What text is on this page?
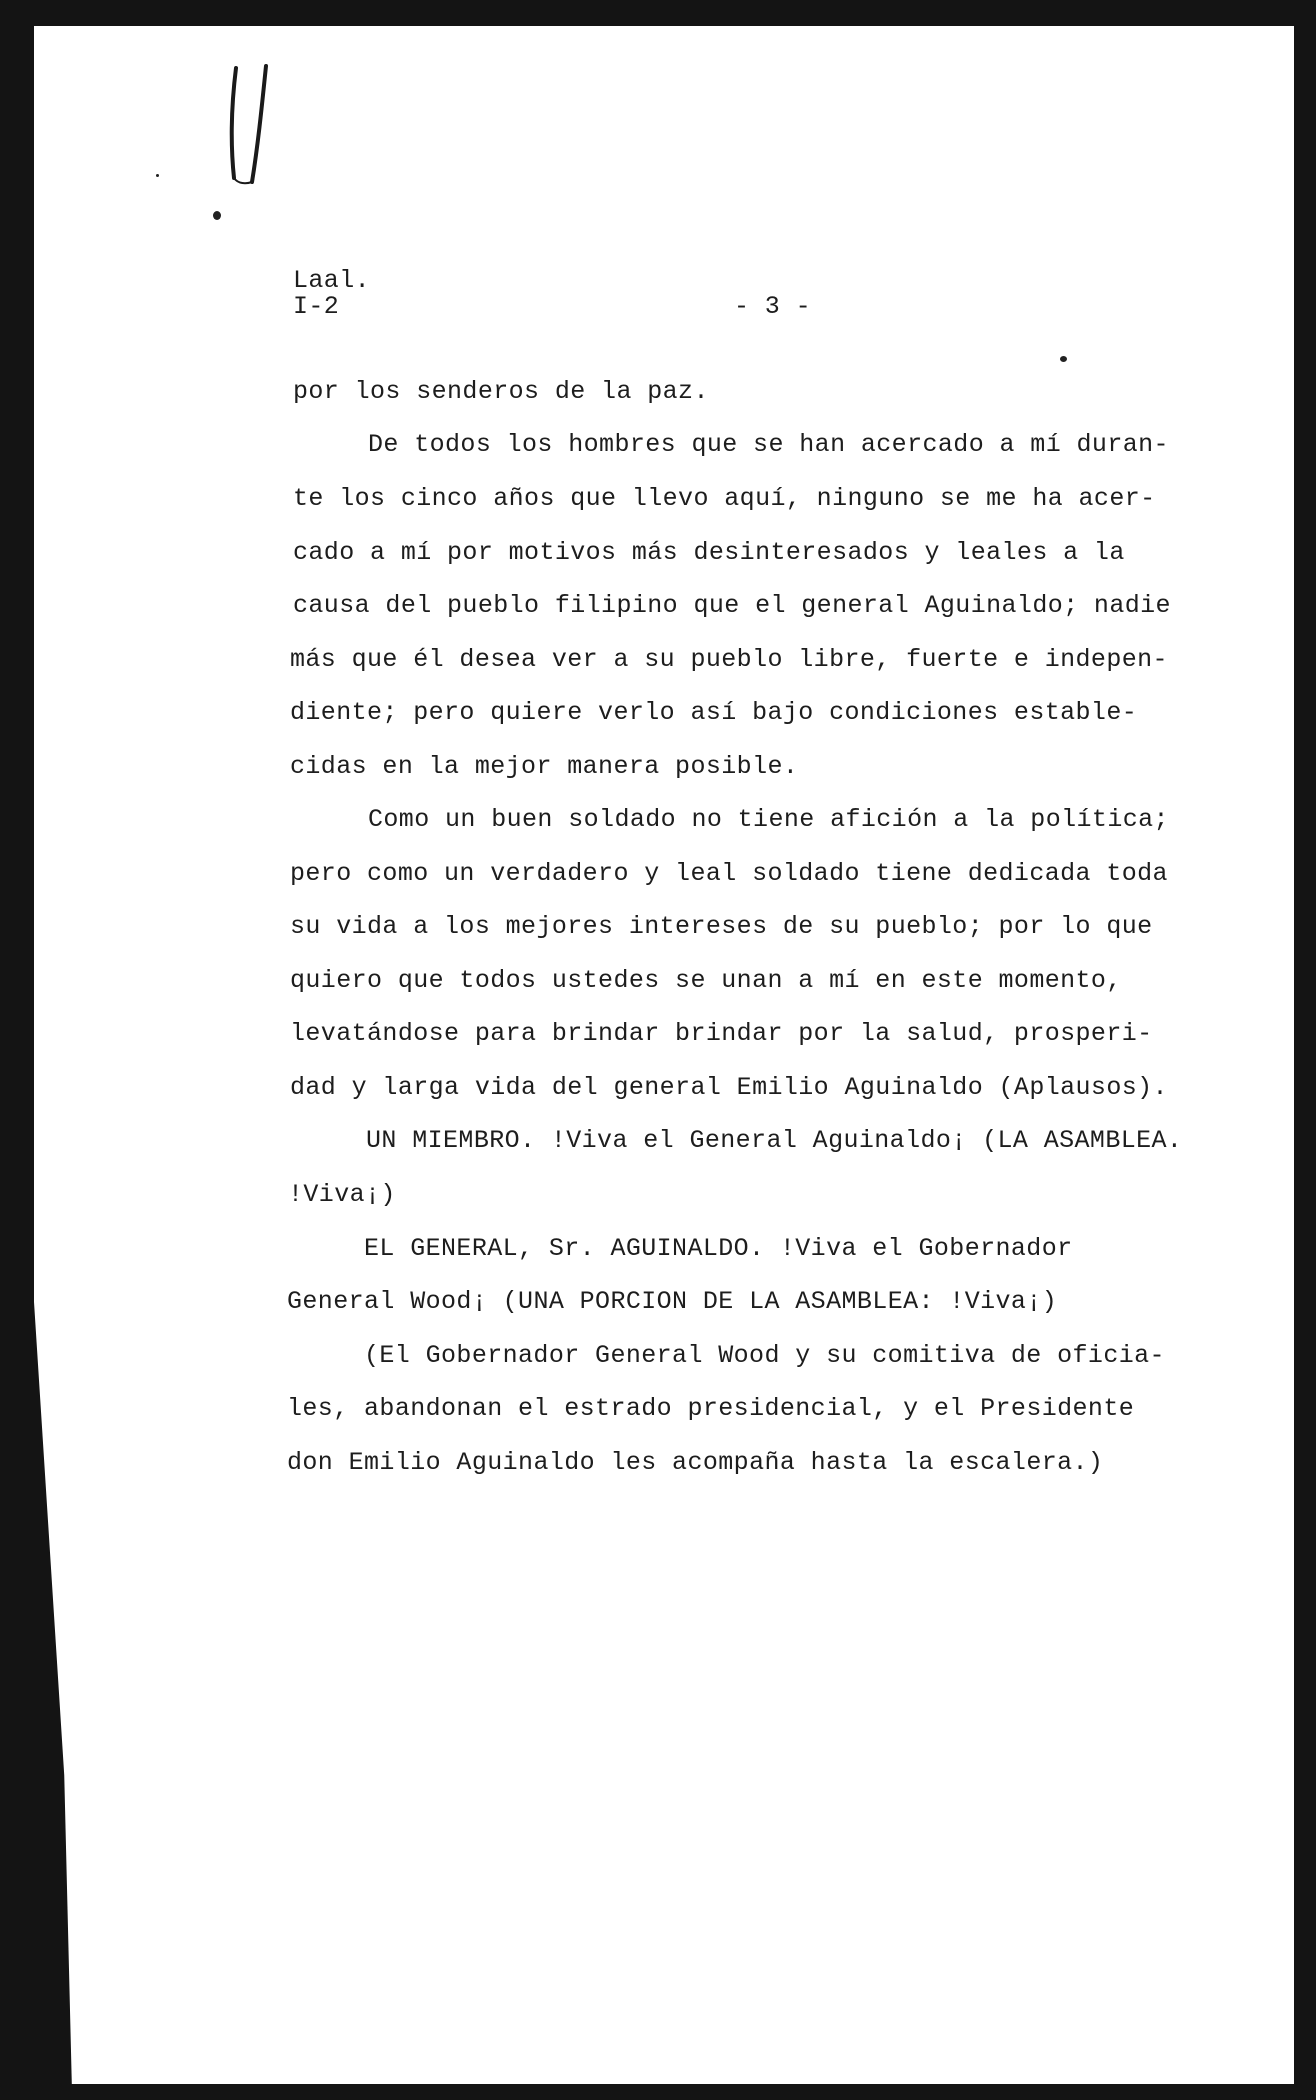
Laal.
I-2	- 3 -
por los senderos de la paz.
De todos los hombres que se han acercado a mí duran-
te los cinco años que llevo aquí, ninguno se me ha acer-
cado a mí por motivos más desinteresados y leales a la
causa del pueblo filipino que el general Aguinaldo; nadie
más que él desea ver a su pueblo libre, fuerte e indepen-
diente; pero quiere verlo así bajo condiciones estable-
cidas en la mejor manera posible.
Como un buen soldado no tiene afición a la política;
pero como un verdadero y leal soldado tiene dedicada toda
su vida a los mejores intereses de su pueblo; por lo que
quiero que todos ustedes se unan a mí en este momento,
levatándose para brindar brindar por la salud, prosperi-
dad y larga vida del general Emilio Aguinaldo (Aplausos).
UN MIEMBRO. !Viva el General Aguinaldo¡ (LA ASAMBLEA.
!Viva¡)
EL GENERAL, Sr. AGUINALDO. !Viva el Gobernador
General Wood¡ (UNA PORCION DE LA ASAMBLEA: !Viva¡)
(El Gobernador General Wood y su comitiva de oficia-
les, abandonan el estrado presidencial, y el Presidente
don Emilio Aguinaldo les acompaña hasta la escalera.)
